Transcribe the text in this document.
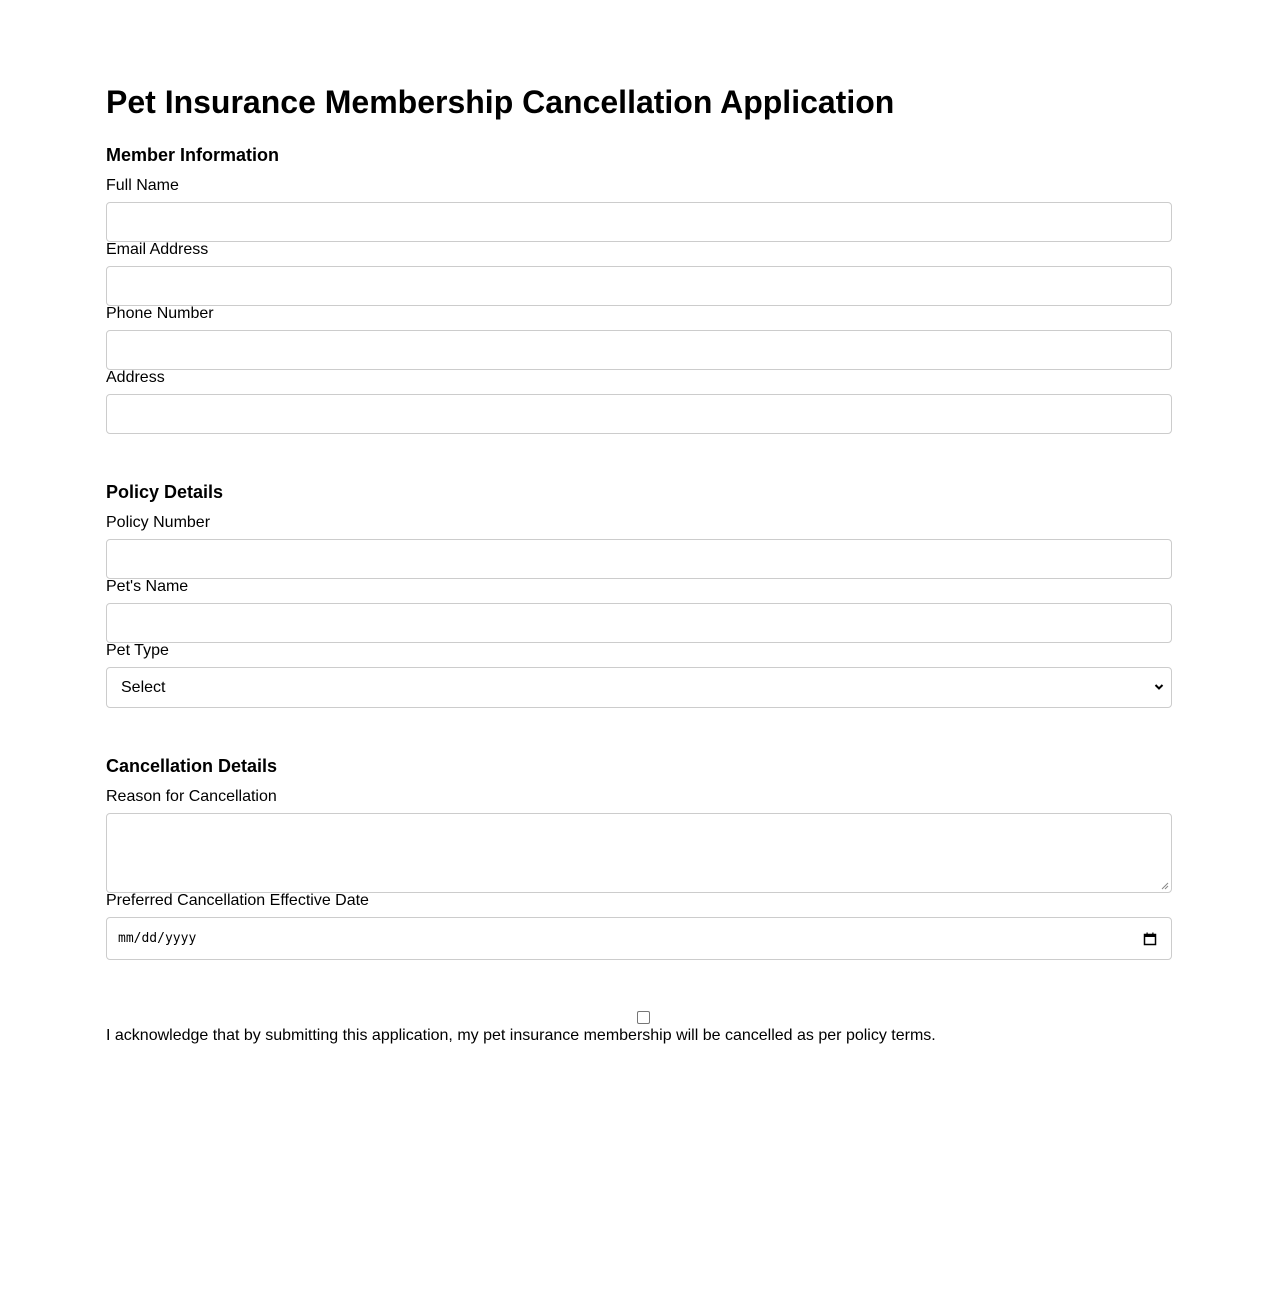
Pet Insurance Membership Cancellation Application
Member Information
Full Name
Email Address
Phone Number
Address
Policy Details
Policy Number
Pet's Name
Pet Type
Select
Cancellation Details
Reason for Cancellation
Preferred Cancellation Effective Date
mm/dd/yyyy
I acknowledge that by submitting this application, my pet insurance membership will be cancelled as per policy terms.
